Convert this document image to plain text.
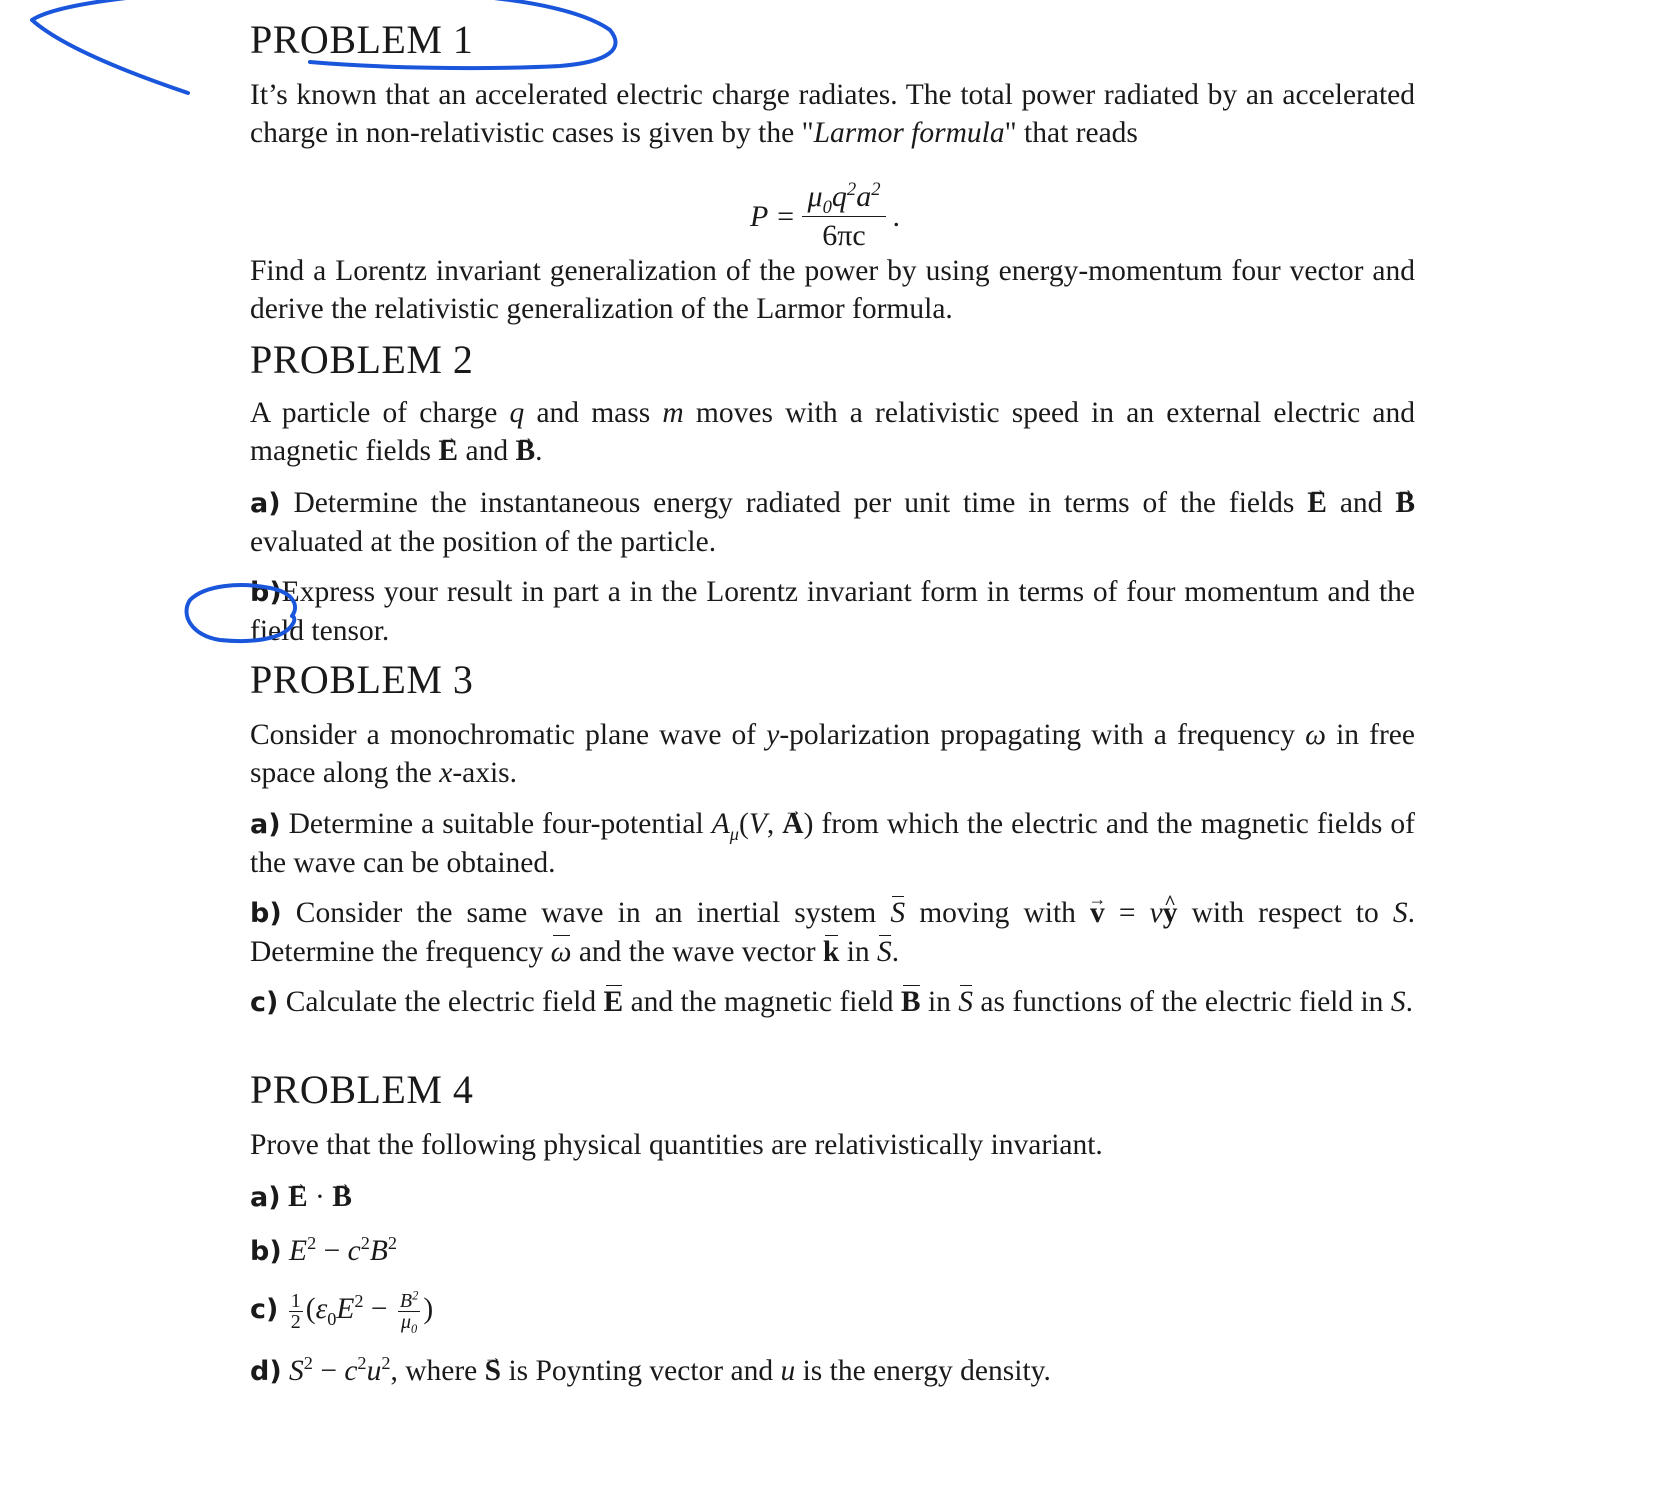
PROBLEM 1

It’s known that an accelerated electric charge radiates. The total power radiated by an accelerated charge in non-relativistic cases is given by the "Larmor formula" that reads

$P = \frac{\mu_0q^2a^2}{6\pi c}$ .

Find a Lorentz invariant generalization of the power by using energy-momentum four vector and derive the relativistic generalization of the Larmor formula.

PROBLEM 2

A particle of charge q and mass m moves with a relativistic speed in an external electric and magnetic fields → E and → B.

a) Determine the instantaneous energy radiated per unit time in terms of the fields → E and → B evaluated at the position of the particle.

b)Express your result in part a in the Lorentz invariant form in terms of four momentum and the field tensor.

PROBLEM 3

Consider a monochromatic plane wave of y-polarization propagating with a frequency ω in free space along the x-axis.

a) Determine a suitable four-potential $A_\mu(V$, → A) from which the electric and the magnetic fields of the wave can be obtained.

b) Consider the same wave in an inertial system S moving with → v = v^ y with respect to S. Determine the frequency ω and the wave vector k in S.

c) Calculate the electric field E and the magnetic field B in S as functions of the electric field in S.

PROBLEM 4

Prove that the following physical quantities are relativistically invariant.

a) → E · → B

b) $E^2 - c^2B^2$

$c) \frac{1}{2} (\varepsilon_0E^2 - \frac{B^2}{\mu_0}$ )

d) $S^2 - c^2u^2$, where → S is Poynting vector and u is the energy density.
